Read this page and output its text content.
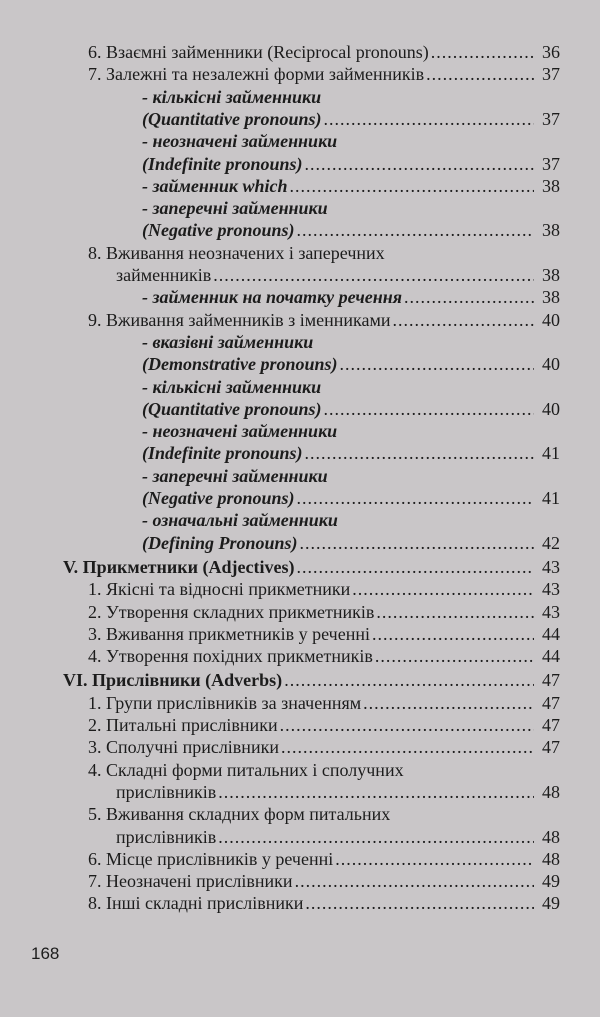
6. Взаємні займенники (Reciprocal pronouns) .....	36
7. Залежні та незалежні форми займенників .....	37
- кількісні займенники
(Quantitative pronouns) .....	37
- неозначені займенники
(Indefinite pronouns) .....	37
- займенник which .....	38
- заперечні займенники
(Negative pronouns) .....	38
8. Вживання неозначених і заперечних
займенників .....	38
- займенник на початку речення .....	38
9. Вживання займенників з іменниками .....	40
- вказівні займенники
(Demonstrative pronouns) .....	40
- кількісні займенники
(Quantitative pronouns) .....	40
- неозначені займенники
(Indefinite pronouns) .....	41
- заперечні займенники
(Negative pronouns) .....	41
- означальні займенники
(Defining Pronouns) .....	42
V. Прикметники (Adjectives) .....	43
1. Якісні та відносні прикметники .....	43
2. Утворення складних прикметників .....	43
3. Вживання прикметників у реченні .....	44
4. Утворення похідних прикметників .....	44
VI. Прислівники (Adverbs) .....	47
1. Групи прислівників за значенням .....	47
2. Питальні прислівники .....	47
3. Сполучні прислівники .....	47
4. Складні форми питальних і сполучних
прислівників .....	48
5. Вживання складних форм питальних
прислівників .....	48
6. Місце прислівників у реченні .....	48
7. Неозначені прислівники .....	49
8. Інші складні прислівники .....	49
168
